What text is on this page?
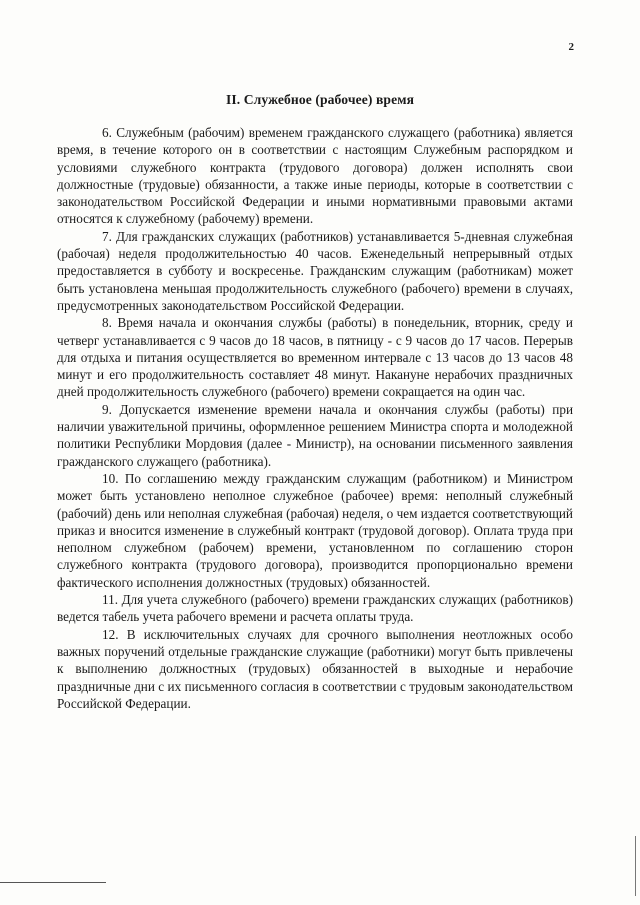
2
II. Служебное (рабочее) время

6. Служебным (рабочим) временем гражданского служащего (работника) является время, в течение которого он в соответствии с настоящим Служебным распорядком и условиями служебного контракта (трудового договора) должен исполнять свои должностные (трудовые) обязанности, а также иные периоды, которые в соответствии с законодательством Российской Федерации и иными нормативными правовыми актами относятся к служебному (рабочему) времени.

7. Для гражданских служащих (работников) устанавливается 5-дневная служебная (рабочая) неделя продолжительностью 40 часов. Еженедельный непрерывный отдых предоставляется в субботу и воскресенье. Гражданским служащим (работникам) может быть установлена меньшая продолжительность служебного (рабочего) времени в случаях, предусмотренных законодательством Российской Федерации.

8. Время начала и окончания службы (работы) в понедельник, вторник, среду и четверг устанавливается с 9 часов до 18 часов, в пятницу - с 9 часов до 17 часов. Перерыв для отдыха и питания осуществляется во временном интервале с 13 часов до 13 часов 48 минут и его продолжительность составляет 48 минут. Накануне нерабочих праздничных дней продолжительность служебного (рабочего) времени сокращается на один час.

9. Допускается изменение времени начала и окончания службы (работы) при наличии уважительной причины, оформленное решением Министра спорта и молодежной политики Республики Мордовия (далее - Министр), на основании письменного заявления гражданского служащего (работника).

10. По соглашению между гражданским служащим (работником) и Министром может быть установлено неполное служебное (рабочее) время: неполный служебный (рабочий) день или неполная служебная (рабочая) неделя, о чем издается соответствующий приказ и вносится изменение в служебный контракт (трудовой договор). Оплата труда при неполном служебном (рабочем) времени, установленном по соглашению сторон служебного контракта (трудового договора), производится пропорционально времени фактического исполнения должностных (трудовых) обязанностей.

11. Для учета служебного (рабочего) времени гражданских служащих (работников) ведется табель учета рабочего времени и расчета оплаты труда.

12. В исключительных случаях для срочного выполнения неотложных особо важных поручений отдельные гражданские служащие (работники) могут быть привлечены к выполнению должностных (трудовых) обязанностей в выходные и нерабочие праздничные дни с их письменного согласия в соответствии с трудовым законодательством Российской Федерации.
